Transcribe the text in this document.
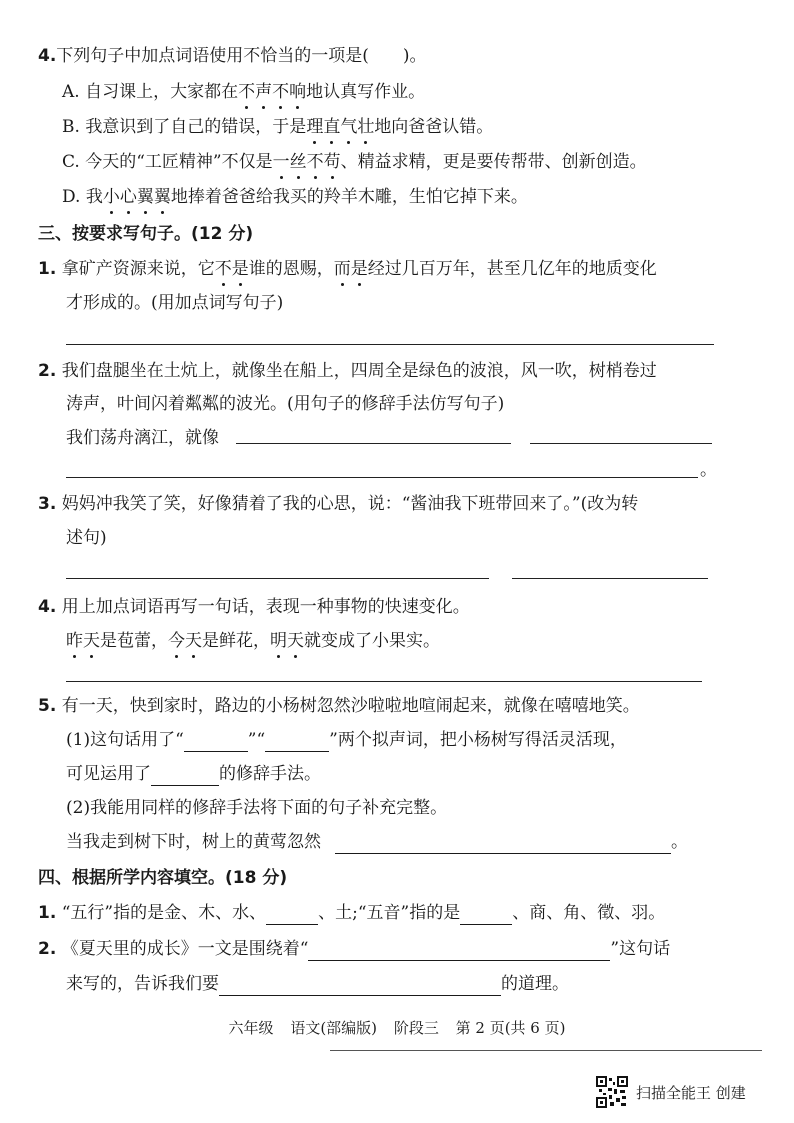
4.下列句子中加点词语使用不恰当的一项是(　　)。
A. 自习课上，大家都在不声不响地认真写作业。
B. 我意识到了自己的错误，于是理直气壮地向爸爸认错。
C. 今天的“工匠精神”不仅是一丝不苟、精益求精，更是要传帮带、创新创造。
D. 我小心翼翼地捧着爸爸给我买的羚羊木雕，生怕它掉下来。
三、按要求写句子。(12 分)
1. 拿矿产资源来说，它不是谁的恩赐，而是经过几百万年，甚至几亿年的地质变化
才形成的。(用加点词写句子)
2. 我们盘腿坐在土炕上，就像坐在船上，四周全是绿色的波浪，风一吹，树梢卷过
涛声，叶间闪着粼粼的波光。(用句子的修辞手法仿写句子)
我们荡舟漓江，就像
。
3. 妈妈冲我笑了笑，好像猜着了我的心思，说：“酱油我下班带回来了。”(改为转
述句)
4. 用上加点词语再写一句话，表现一种事物的快速变化。
昨天是苞蕾，今天是鲜花，明天就变成了小果实。
5. 有一天，快到家时，路边的小杨树忽然沙啦啦地喧闹起来，就像在嘻嘻地笑。
(1)这句话用了“	”“	”两个拟声词，把小杨树写得活灵活现，
可见运用了	的修辞手法。
(2)我能用同样的修辞手法将下面的句子补充完整。
当我走到树下时，树上的黄莺忽然	。
四、根据所学内容填空。(18 分)
1. “五行”指的是金、木、水、	、土;“五音”指的是	、商、角、徵、羽。
2. 《夏天里的成长》一文是围绕着“	”这句话
来写的，告诉我们要	的道理。
六年级 语文(部编版) 阶段三 第 2 页(共 6 页)
扫描全能王 创建
